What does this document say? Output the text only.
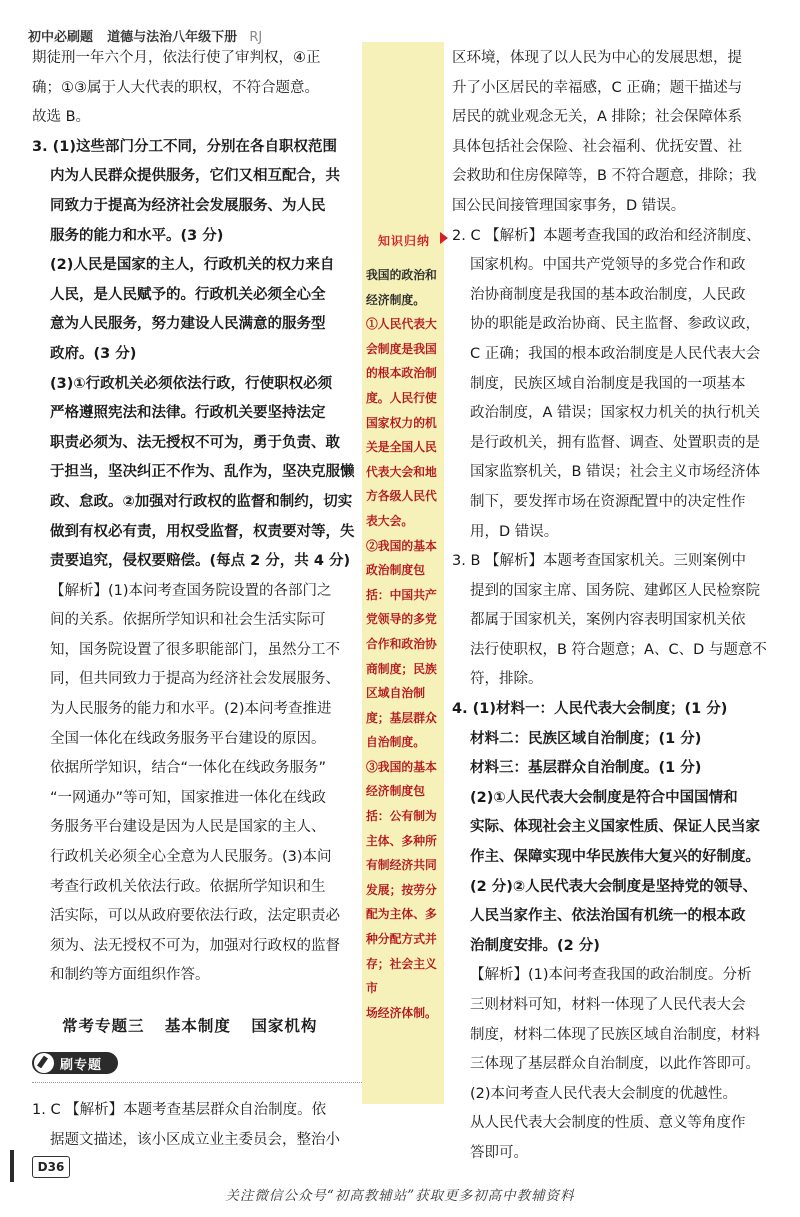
初中必刷题 道德与法治八年级下册 RJ

期徒刑一年六个月，依法行使了审判权，④正

确；①③属于人大代表的职权，不符合题意。

故选 B。

3. (1)这些部门分工不同，分别在各自职权范围

内为人民群众提供服务，它们又相互配合，共

同致力于提高为经济社会发展服务、为人民

服务的能力和水平。(3 分)

(2)人民是国家的主人，行政机关的权力来自

人民，是人民赋予的。行政机关必须全心全

意为人民服务，努力建设人民满意的服务型

政府。(3 分)

(3)①行政机关必须依法行政，行使职权必须

严格遵照宪法和法律。行政机关要坚持法定

职责必须为、法无授权不可为，勇于负责、敢

于担当，坚决纠正不作为、乱作为，坚决克服懒

政、怠政。②加强对行政权的监督和制约，切实

做到有权必有责，用权受监督，权责要对等，失

责要追究，侵权要赔偿。(每点 2 分，共 4 分)

【解析】(1)本问考查国务院设置的各部门之

间的关系。依据所学知识和社会生活实际可

知，国务院设置了很多职能部门，虽然分工不

同，但共同致力于提高为经济社会发展服务、

为人民服务的能力和水平。(2)本问考查推进

全国一体化在线政务服务平台建设的原因。

依据所学知识，结合“一体化在线政务服务”

“一网通办”等可知，国家推进一体化在线政

务服务平台建设是因为人民是国家的主人、

行政机关必须全心全意为人民服务。(3)本问

考查行政机关依法行政。依据所学知识和生

活实际，可以从政府要依法行政，法定职责必

须为、法无授权不可为，加强对行政权的监督

和制约等方面组织作答。

常考专题三 基本制度 国家机构
刷专题

1. C 【解析】本题考查基层群众自治制度。依

据题文描述，该小区成立业主委员会，整治小

知识归纳

我国的政治和

经济制度。

①人民代表大

会制度是我国

的根本政治制

度。人民行使

国家权力的机

关是全国人民

代表大会和地

方各级人民代

表大会。

②我国的基本

政治制度包

括：中国共产

党领导的多党

合作和政治协

商制度；民族

区域自治制

度；基层群众

自治制度。

③我国的基本

经济制度包

括：公有制为

主体、多种所

有制经济共同

发展；按劳分

配为主体、多

种分配方式并

存；社会主义市

场经济体制。

区环境，体现了以人民为中心的发展思想，提

升了小区居民的幸福感，C 正确；题干描述与

居民的就业观念无关，A 排除；社会保障体系

具体包括社会保险、社会福利、优抚安置、社

会救助和住房保障等，B 不符合题意，排除；我

国公民间接管理国家事务，D 错误。

2. C 【解析】本题考查我国的政治和经济制度、

国家机构。中国共产党领导的多党合作和政

治协商制度是我国的基本政治制度，人民政

协的职能是政治协商、民主监督、参政议政，

C 正确；我国的根本政治制度是人民代表大会

制度，民族区域自治制度是我国的一项基本

政治制度，A 错误；国家权力机关的执行机关

是行政机关，拥有监督、调查、处置职责的是

国家监察机关，B 错误；社会主义市场经济体

制下，要发挥市场在资源配置中的决定性作

用，D 错误。

3. B 【解析】本题考查国家机关。三则案例中

提到的国家主席、国务院、建邺区人民检察院

都属于国家机关，案例内容表明国家机关依

法行使职权，B 符合题意；A、C、D 与题意不

符，排除。

4. (1)材料一：人民代表大会制度；(1 分)

材料二：民族区域自治制度；(1 分)

材料三：基层群众自治制度。(1 分)

(2)①人民代表大会制度是符合中国国情和

实际、体现社会主义国家性质、保证人民当家

作主、保障实现中华民族伟大复兴的好制度。

(2 分)②人民代表大会制度是坚持党的领导、

人民当家作主、依法治国有机统一的根本政

治制度安排。(2 分)

【解析】(1)本问考查我国的政治制度。分析

三则材料可知，材料一体现了人民代表大会

制度，材料二体现了民族区域自治制度，材料

三体现了基层群众自治制度，以此作答即可。

(2)本问考查人民代表大会制度的优越性。

从人民代表大会制度的性质、意义等角度作

答即可。

D36
关注微信公众号“初高教辅站”获取更多初高中教辅资料
